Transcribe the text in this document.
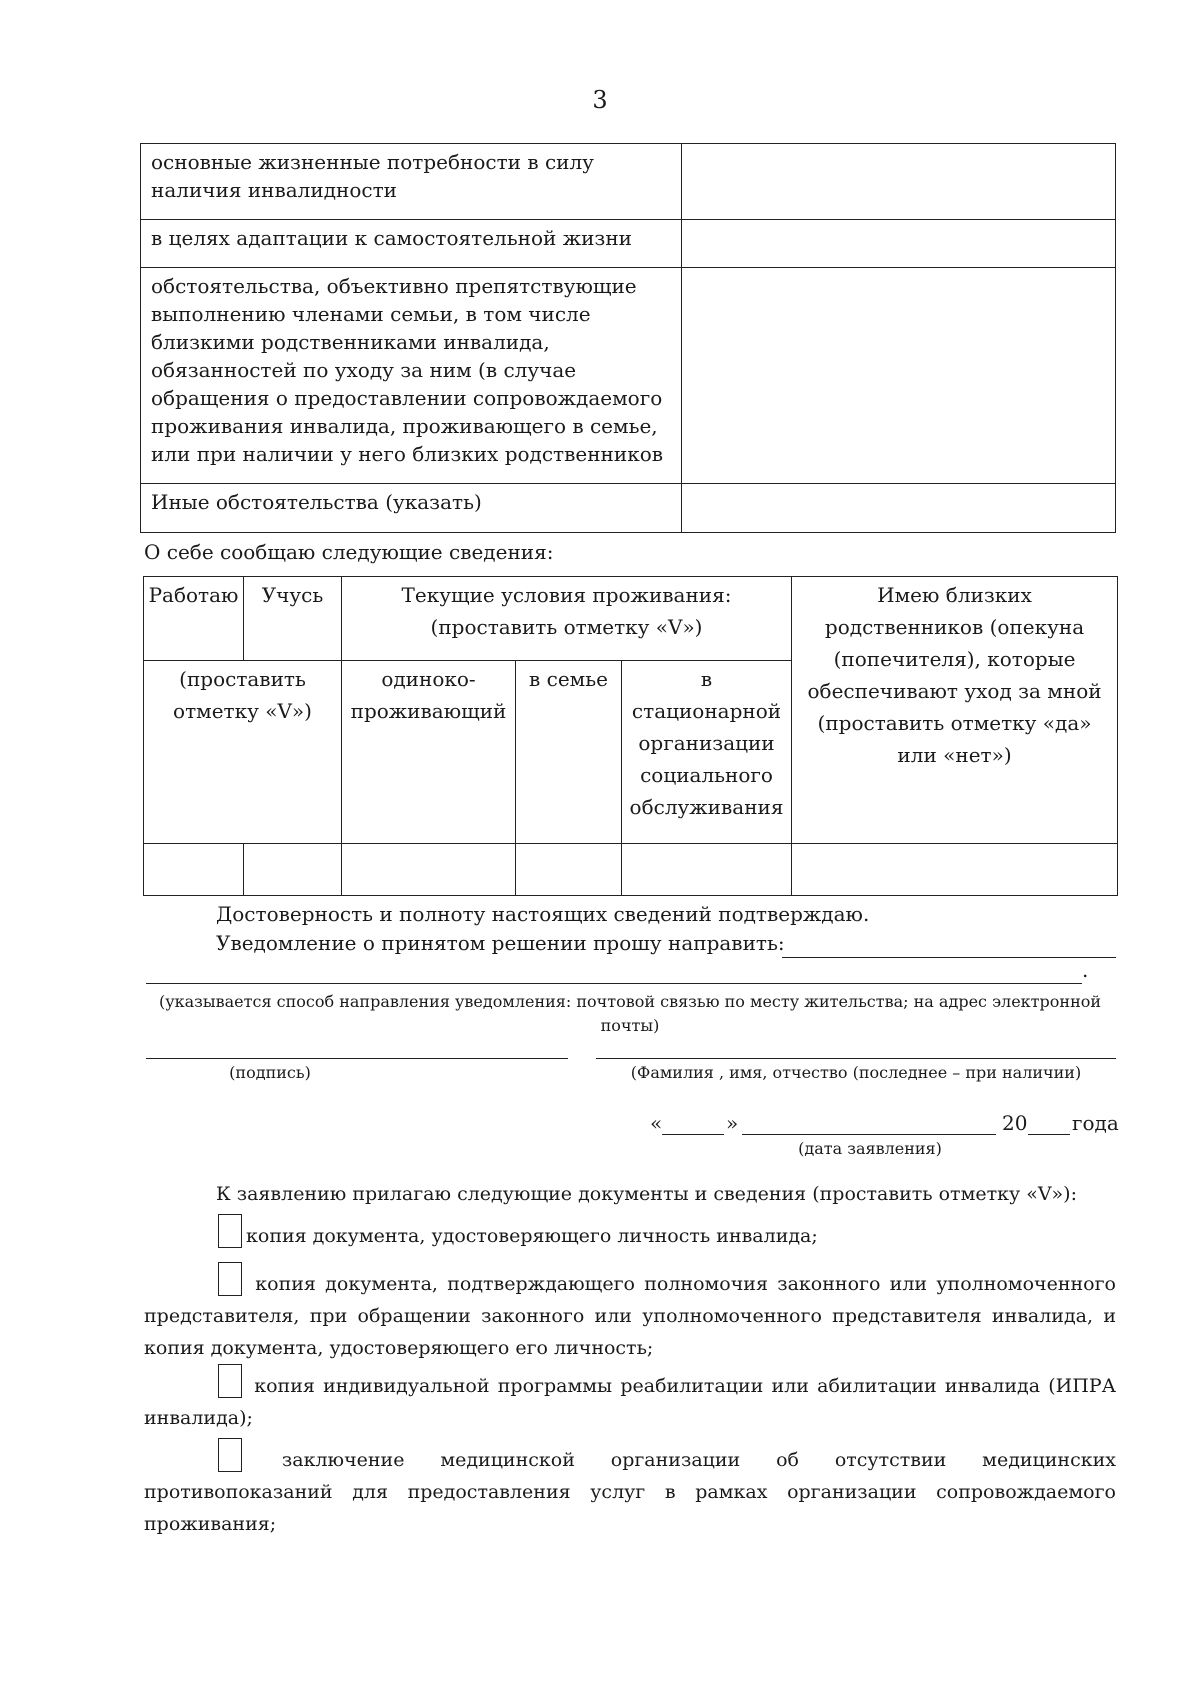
3
основные жизненные потребности в силу наличия инвалидности	
в целях адаптации к самостоятельной жизни	
обстоятельства, объективно препятствующие выполнению членами семьи, в том числе близкими родственниками инвалида, обязанностей по уходу за ним (в случае обращения о предоставлении сопровождаемого проживания инвалида, проживающего в семье, или при наличии у него близких родственников	
Иные обстоятельства (указать)	
О себе сообщаю следующие сведения:
Работаю	Учусь	Текущие условия проживания: (проставить отметку «V»)			Имею близких родственников (опекуна (попечителя), которые обеспечивают уход за мной (проставить отметку «да» или «нет»)
(проставить отметку «V»)		одиноко- проживающий	в семье	в стационарной организации социального обслуживания	

Достоверность и полноту настоящих сведений подтверждаю.
Уведомление о принятом решении прошу направить:
.
(указывается способ направления уведомления: почтовой связью по месту жительства; на адрес электронной почты)
(подпись)	(Фамилия , имя, отчество (последнее – при наличии)
«	»	20 года
(дата заявления)
К заявлению прилагаю следующие документы и сведения (проставить отметку «V»):
копия документа, удостоверяющего личность инвалида;
копия документа, подтверждающего полномочия законного или уполномоченного представителя, при обращении законного или уполномоченного представителя инвалида, и копия документа, удостоверяющего его личность;
копия индивидуальной программы реабилитации или абилитации инвалида (ИПРА инвалида);
заключение медицинской организации об отсутствии медицинских противопоказаний для предоставления услуг в рамках организации сопровождаемого проживания;
